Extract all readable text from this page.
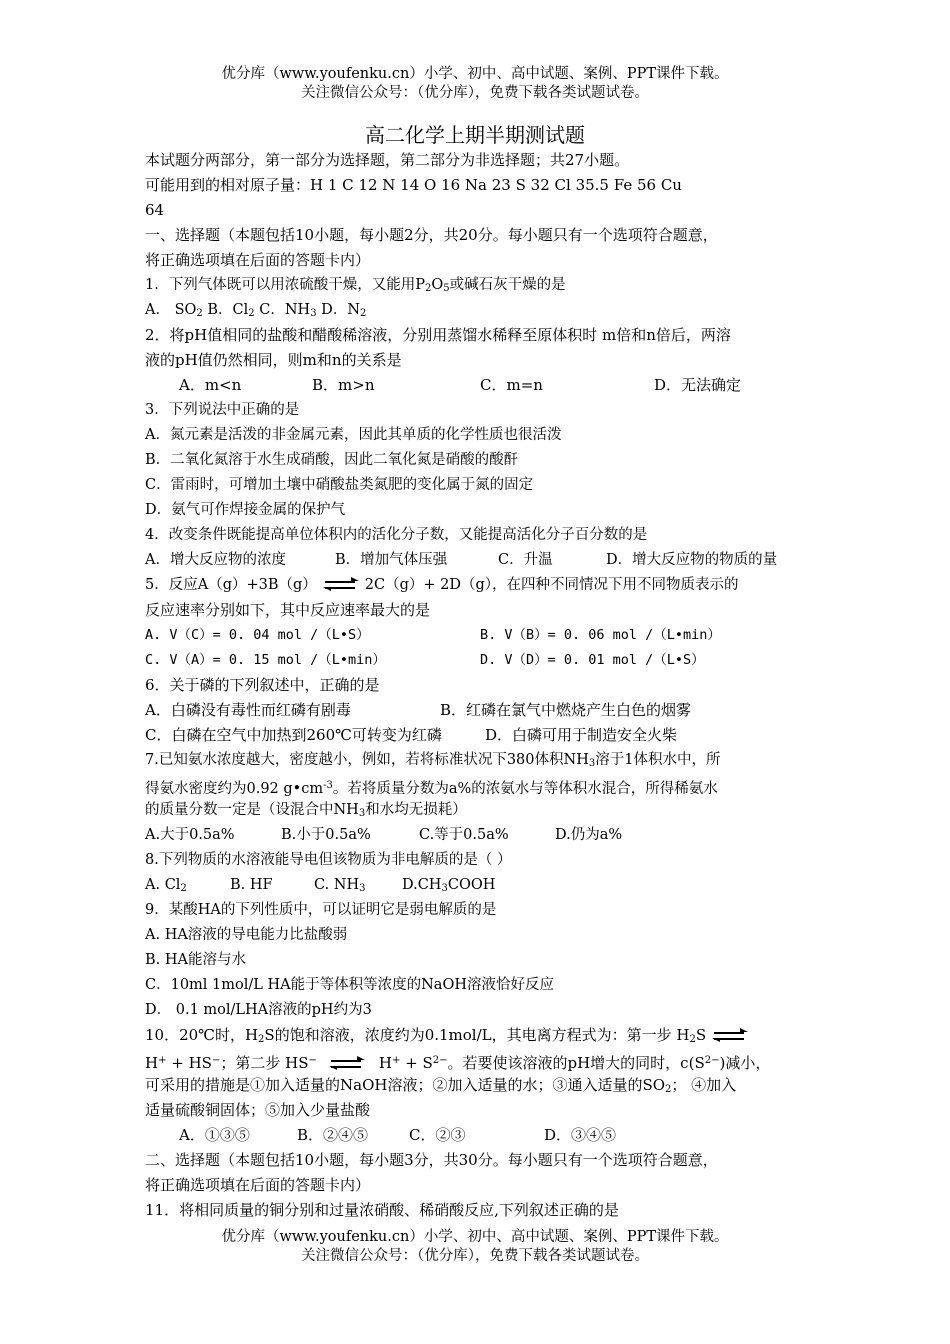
优分库（www.youfenku.cn）小学、初中、高中试题、案例、PPT课件下载。
关注微信公众号：（优分库），免费下载各类试题试卷。
高二化学上期半期测试题
本试题分两部分，第一部分为选择题，第二部分为非选择题；共27小题。
可能用到的相对原子量：H 1 C 12 N 14 O 16 Na 23 S 32 Cl 35.5 Fe 56 Cu
64
一、选择题（本题包括10小题，每小题2分，共20分。每小题只有一个选项符合题意，
将正确选项填在后面的答题卡内）
1．下列气体既可以用浓硫酸干燥，又能用$P_2O_5$或碱石灰干燥的是
A． $SO_2$ B．$Cl_2$ C．$NH_3$ D．$N_2$
2．将pH值相同的盐酸和醋酸稀溶液，分别用蒸馏水稀释至原体积时 m倍和n倍后，两溶
液的pH值仍然相同，则m和n的关系是
A．m<n	B．m>n	C．m=n	D．无法确定
3．下列说法中正确的是
A．氮元素是活泼的非金属元素，因此其单质的化学性质也很活泼
B．二氧化氮溶于水生成硝酸，因此二氧化氮是硝酸的酸酐
C．雷雨时，可增加土壤中硝酸盐类氮肥的变化属于氮的固定
D．氨气可作焊接金属的保护气
4．改变条件既能提高单位体积内的活化分子数，又能提高活化分子百分数的是
A．增大反应物的浓度	B．增加气体压强	C．升温	D．增大反应物的物质的量
5．反应A（g）+3B（g）	2C（g）+ 2D（g），在四种不同情况下用不同物质表示的
反应速率分别如下，其中反应速率最大的是
A. V（C）= 0. 04 mol /（L•S）	B. V（B）= 0. 06 mol /（L•min）
C. V（A）= 0. 15 mol /（L•min）	D. V（D）= 0. 01 mol /（L•S）
6．关于磷的下列叙述中，正确的是
A．白磷没有毒性而红磷有剧毒	B．红磷在氯气中燃烧产生白色的烟雾
C．白磷在空气中加热到260℃可转变为红磷	D．白磷可用于制造安全火柴
7.已知氨水浓度越大，密度越小，例如，若将标准状况下380体积$NH_3$溶于1体积水中，所
得氨水密度约为0.92 $g•cm^{-3}$。若将质量分数为a%的浓氨水与等体积水混合，所得稀氨水
的质量分数一定是（设混合中$NH_3$和水均无损耗）
A.大于0.5a%	B.小于0.5a%	C.等于0.5a%	D.仍为a%
8.下列物质的水溶液能导电但该物质为非电解质的是（ ）
A. $Cl_2$	B. HF	C. $NH_3$	$D.CH_3COOH$
9．某酸HA的下列性质中，可以证明它是弱电解质的是
A. HA溶液的导电能力比盐酸弱
B. HA能溶与水
C．10ml 1mol/L HA能于等体积等浓度的NaOH溶液恰好反应
D． 0.1 mol/LHA溶液的pH约为3
10．20℃时，$H_2S$的饱和溶液，浓度约为0.1mol/L，其电离方程式为：第一步 $H_2S$
H+ + HS−；第二步 HS−	$H^+ + S^{2-}$。若要使该溶液的pH增大的同时，$c(S^{2-})$减小，
可采用的措施是①加入适量的NaOH溶液；②加入适量的水；③通入适量的$SO_2$； ④加入
适量硫酸铜固体；⑤加入少量盐酸
A．①③⑤	B．②④⑤	C．②③	D．③④⑤
二、选择题（本题包括10小题，每小题3分，共30分。每小题只有一个选项符合题意，
将正确选项填在后面的答题卡内）
11．将相同质量的铜分别和过量浓硝酸、稀硝酸反应,下列叙述正确的是
优分库（www.youfenku.cn）小学、初中、高中试题、案例、PPT课件下载。
关注微信公众号：（优分库），免费下载各类试题试卷。
